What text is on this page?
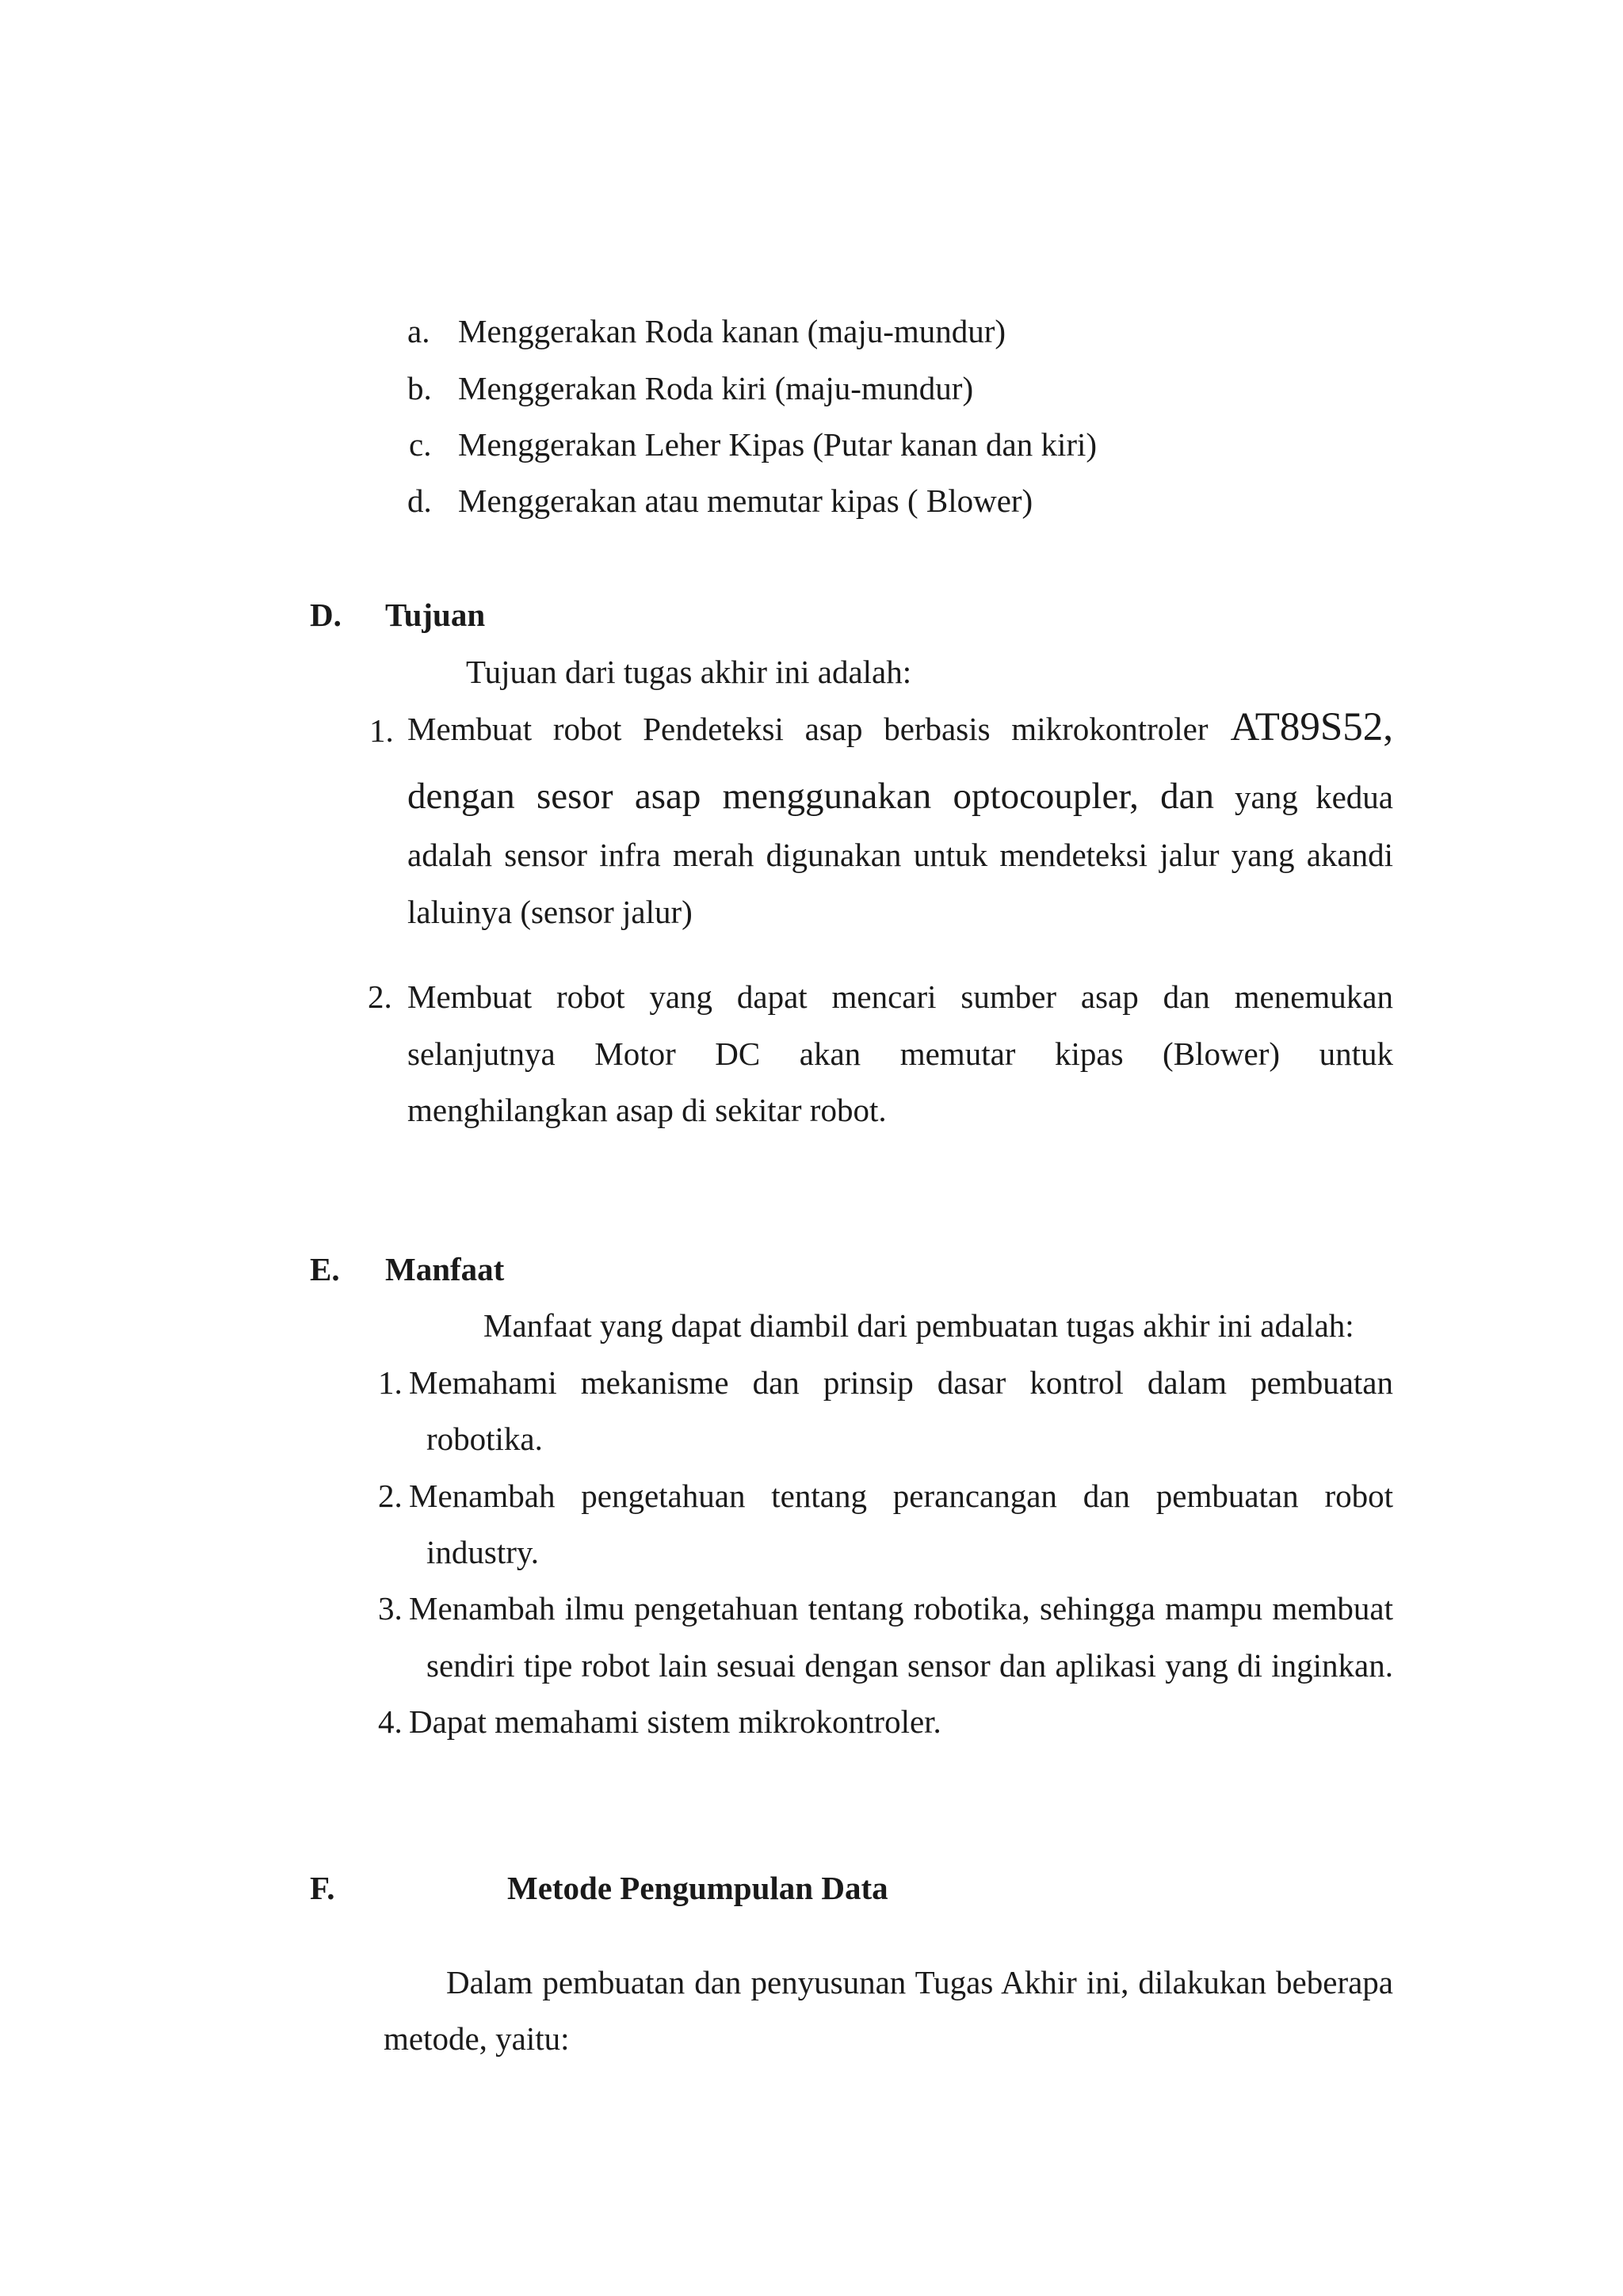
a. Menggerakan Roda kanan (maju-mundur)
b. Menggerakan Roda kiri (maju-mundur)
c. Menggerakan Leher Kipas (Putar kanan dan kiri)
d. Menggerakan atau memutar kipas ( Blower)
D. Tujuan
Tujuan dari tugas akhir ini adalah:
1. Membuat robot Pendeteksi asap berbasis mikrokontroler AT89S52,
dengan sesor asap menggunakan optocoupler, dan yang kedua
adalah sensor infra merah digunakan untuk mendeteksi jalur yang akandi
laluinya (sensor jalur)
2. Membuat robot yang dapat mencari sumber asap dan menemukan
selanjutnya Motor DC akan memutar kipas (Blower) untuk
menghilangkan asap di sekitar robot.
E. Manfaat
Manfaat yang dapat diambil dari pembuatan tugas akhir ini adalah:
1. Memahami mekanisme dan prinsip dasar kontrol dalam pembuatan
robotika.
2. Menambah pengetahuan tentang perancangan dan pembuatan robot
industry.
3. Menambah ilmu pengetahuan tentang robotika, sehingga mampu membuat
sendiri tipe robot lain sesuai dengan sensor dan aplikasi yang di inginkan.
4. Dapat memahami sistem mikrokontroler.
F.	Metode Pengumpulan Data
Dalam pembuatan dan penyusunan Tugas Akhir ini, dilakukan beberapa
metode, yaitu:
